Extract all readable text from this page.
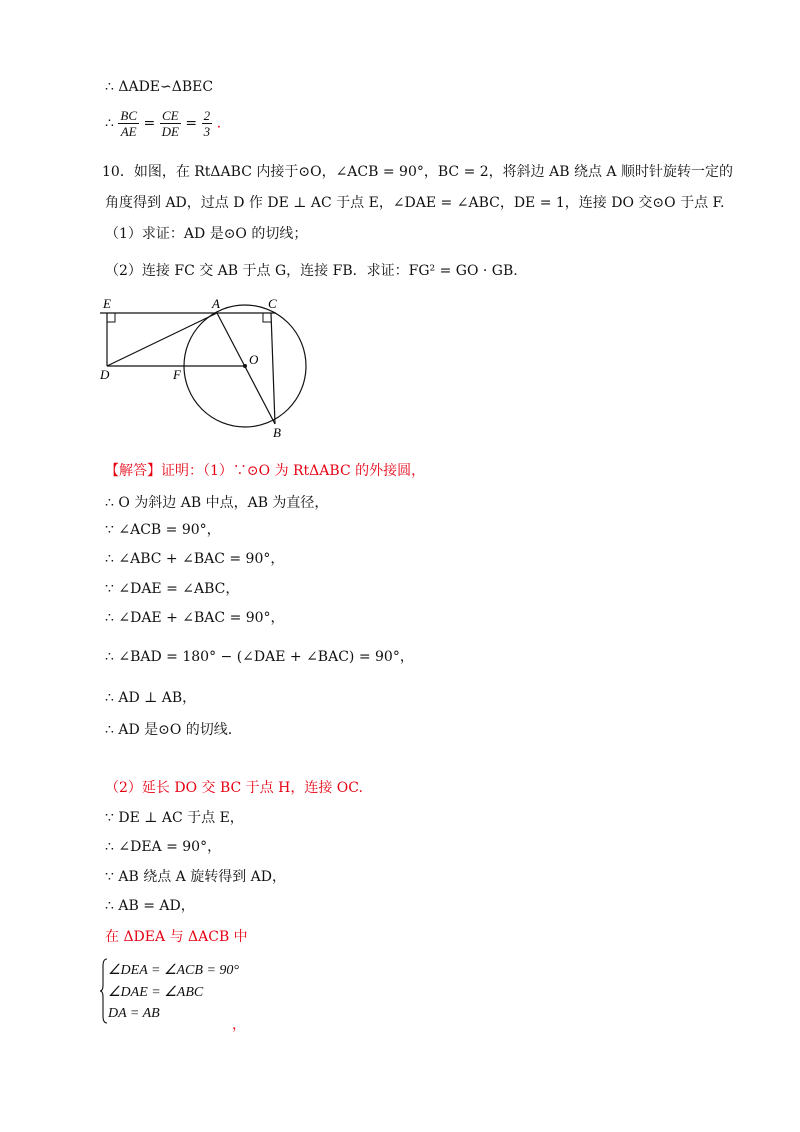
∴ ΔADE∽ΔBEC
∴ $\frac{BC}{AE} = \frac{CE}{DE} = \frac{2}{3}$ .
10．如图，在 RtΔABC 内接于⊙O，∠ACB = 90°，BC = 2，将斜边 AB 绕点 A 顺时针旋转一定的
角度得到 AD，过点 D 作 DE ⊥ AC 于点 E，∠DAE = ∠ABC，DE = 1，连接 DO 交⊙O 于点 F.
（1）求证：AD 是⊙O 的切线；
（2）连接 FC 交 AB 于点 G，连接 FB．求证：FG² = GO · GB.
E	A	C
D	F
O
B
【解答】证明：（1）∵⊙O 为 RtΔABC 的外接圆，
∴ O 为斜边 AB 中点，AB 为直径，
∵ ∠ACB = 90°，
∴ ∠ABC + ∠BAC = 90°，
∵ ∠DAE = ∠ABC，
∴ ∠DAE + ∠BAC = 90°，
∴ ∠BAD = 180° − (∠DAE + ∠BAC) = 90°，
∴ AD ⊥ AB，
∴ AD 是⊙O 的切线.
（2）延长 DO 交 BC 于点 H，连接 OC.
∵ DE ⊥ AC 于点 E，
∴ ∠DEA = 90°，
∵ AB 绕点 A 旋转得到 AD，
∴ AB = AD，
在 ΔDEA 与 ΔACB 中
∠DEA = ∠ACB = 90°
∠DAE = ∠ABC
DA = AB
，
